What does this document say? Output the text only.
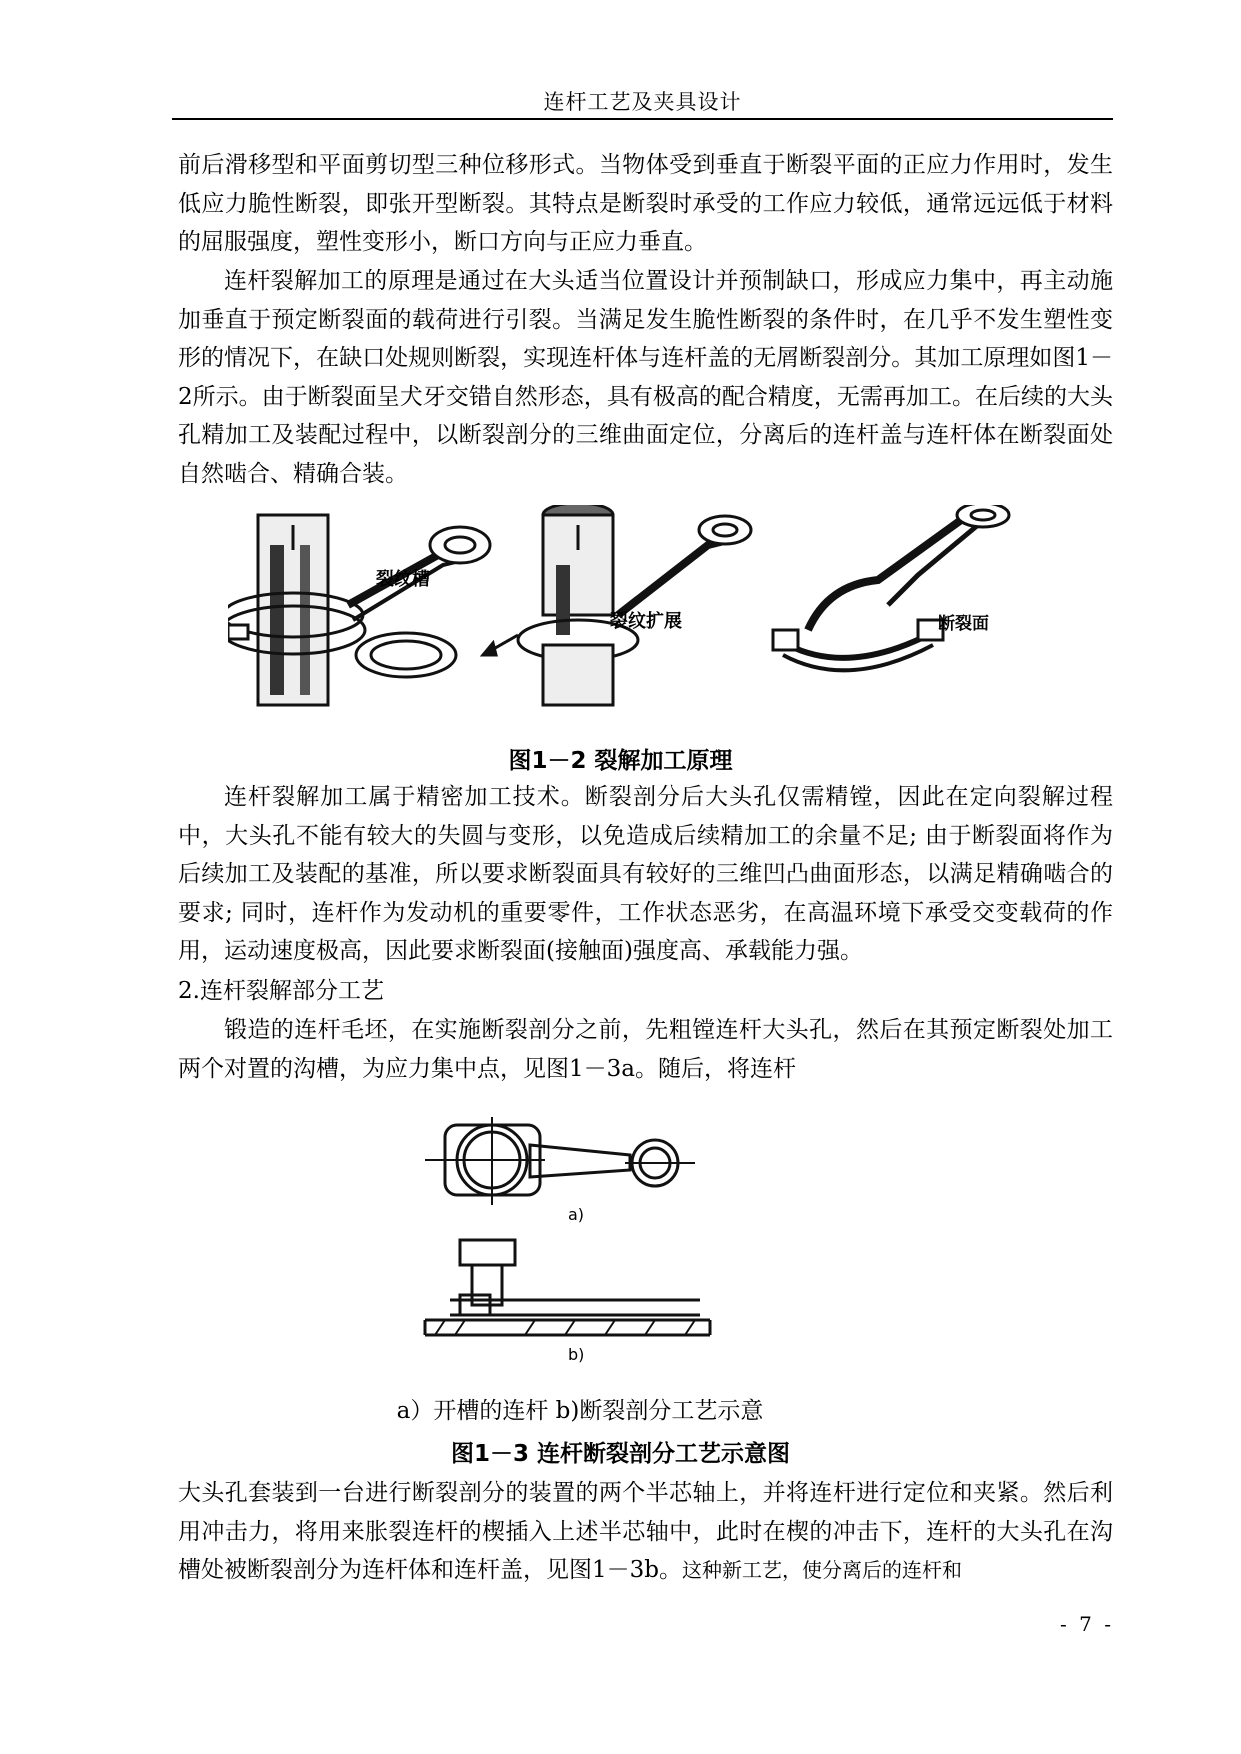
连杆工艺及夹具设计

前后滑移型和平面剪切型三种位移形式。当物体受到垂直于断裂平面的正应力作用时，发生低应力脆性断裂，即张开型断裂。其特点是断裂时承受的工作应力较低，通常远远低于材料的屈服强度，塑性变形小，断口方向与正应力垂直。

连杆裂解加工的原理是通过在大头适当位置设计并预制缺口，形成应力集中，再主动施加垂直于预定断裂面的载荷进行引裂。当满足发生脆性断裂的条件时，在几乎不发生塑性变形的情况下，在缺口处规则断裂，实现连杆体与连杆盖的无屑断裂剖分。其加工原理如图1－2所示。由于断裂面呈犬牙交错自然形态，具有极高的配合精度，无需再加工。在后续的大头孔精加工及装配过程中，以断裂剖分的三维曲面定位，分离后的连杆盖与连杆体在断裂面处自然啮合、精确合装。

裂纹槽
裂纹扩展	断裂面
图1－2 裂解加工原理

连杆裂解加工属于精密加工技术。断裂剖分后大头孔仅需精镗，因此在定向裂解过程中，大头孔不能有较大的失圆与变形，以免造成后续精加工的余量不足; 由于断裂面将作为后续加工及装配的基准，所以要求断裂面具有较好的三维凹凸曲面形态，以满足精确啮合的要求; 同时，连杆作为发动机的重要零件，工作状态恶劣，在高温环境下承受交变载荷的作用，运动速度极高，因此要求断裂面(接触面)强度高、承载能力强。

2.连杆裂解部分工艺

锻造的连杆毛坯，在实施断裂剖分之前，先粗镗连杆大头孔，然后在其预定断裂处加工两个对置的沟槽，为应力集中点，见图1－3a。随后，将连杆

a)
b)
a）开槽的连杆 b)断裂剖分工艺示意
图1－3 连杆断裂剖分工艺示意图

大头孔套装到一台进行断裂剖分的装置的两个半芯轴上，并将连杆进行定位和夹紧。然后利用冲击力，将用来胀裂连杆的楔插入上述半芯轴中，此时在楔的冲击下，连杆的大头孔在沟槽处被断裂剖分为连杆体和连杆盖，见图1－3b。这种新工艺，使分离后的连杆和

- 7 -
